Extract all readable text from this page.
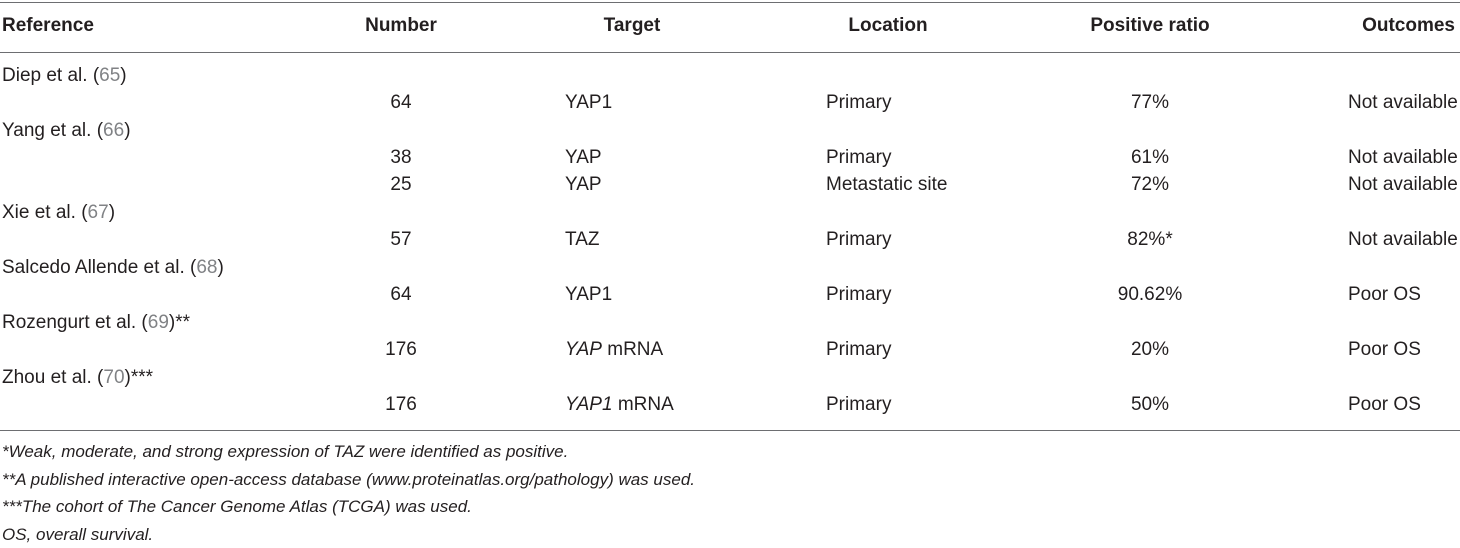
Reference	Number	Target	Location	Positive ratio	Outcomes
Diep et al. (65)
64	YAP1	Primary	77%	Not available
Yang et al. (66)
38	YAP	Primary	61%	Not available
25	YAP	Metastatic site	72%	Not available
Xie et al. (67)
57	TAZ	Primary	82%*	Not available
Salcedo Allende et al. (68)
64	YAP1	Primary	90.62%	Poor OS
Rozengurt et al. (69)**
176	YAP mRNA	Primary	20%	Poor OS
Zhou et al. (70)***
176	YAP1 mRNA	Primary	50%	Poor OS
*Weak, moderate, and strong expression of TAZ were identified as positive.
**A published interactive open-access database (www.proteinatlas.org/pathology) was used.
***The cohort of The Cancer Genome Atlas (TCGA) was used.
OS, overall survival.
